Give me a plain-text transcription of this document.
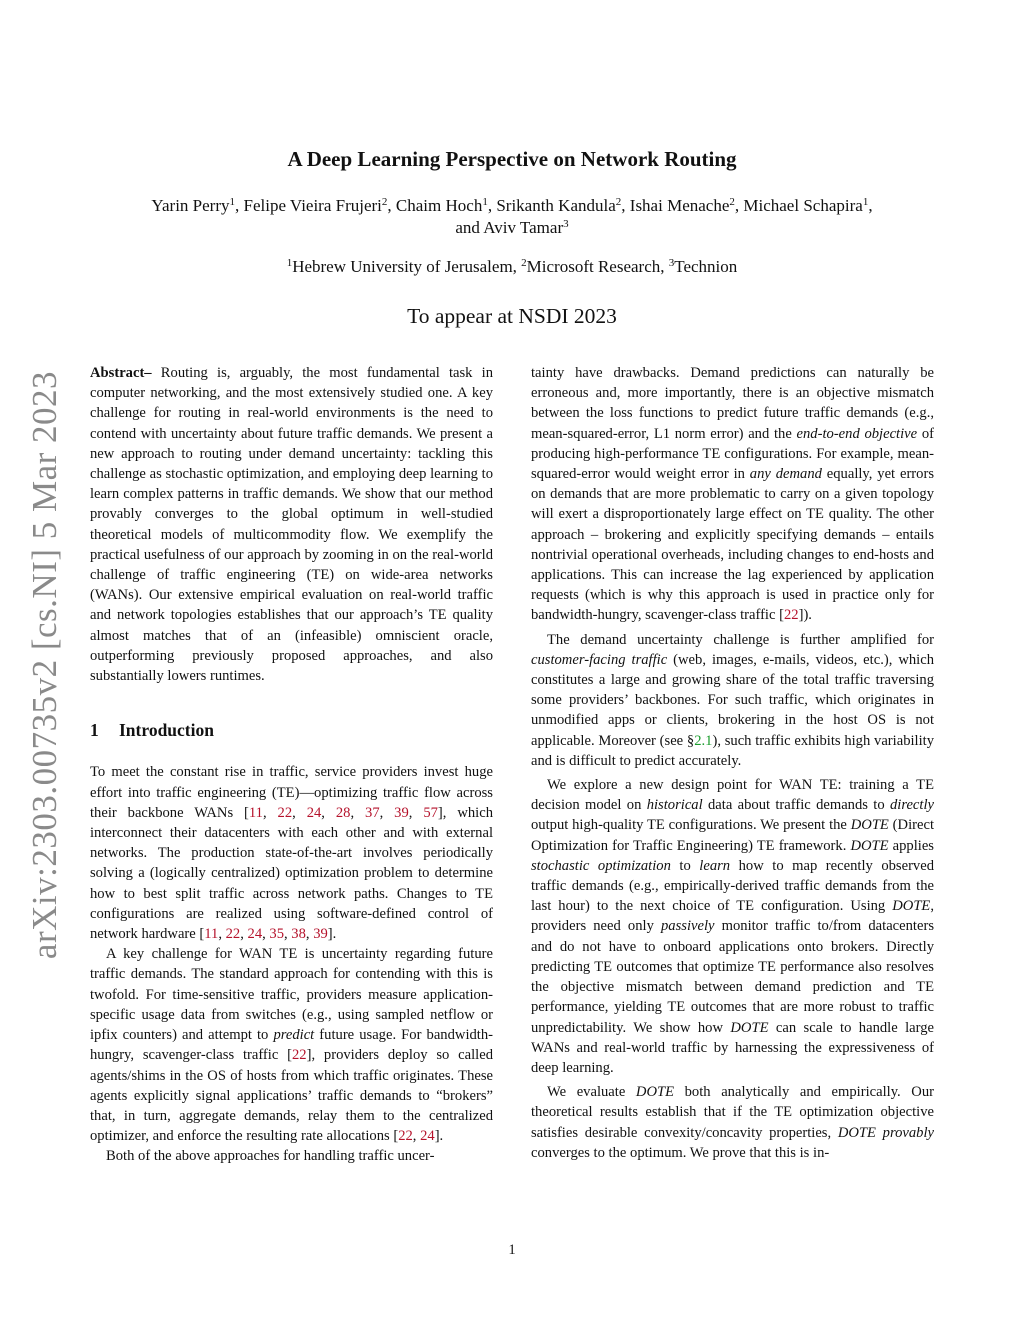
arXiv:2303.00735v2 [cs.NI] 5 Mar 2023
A Deep Learning Perspective on Network Routing
Yarin Perry$^1$, Felipe Vieira Frujeri$^2$, Chaim Hoch$^1$, Srikanth Kandula$^2$, Ishai Menache$^2$, Michael Schapira$^1$,
and Aviv Tamar$^3$
$^1$Hebrew University of Jerusalem, $^2$Microsoft Research, $^3$Technion
To appear at NSDI 2023

Abstract– Routing is, arguably, the most fundamental task in computer networking, and the most extensively studied one. A key challenge for routing in real-world environments is the need to contend with uncertainty about future traffic demands. We present a new approach to routing under demand uncertainty: tackling this challenge as stochastic optimization, and employing deep learning to learn complex patterns in traffic demands. We show that our method provably converges to the global optimum in well-studied theoretical models of multicommodity flow. We exemplify the practical usefulness of our approach by zooming in on the real-world challenge of traffic engineering (TE) on wide-area networks (WANs). Our extensive empirical evaluation on real-world traffic and network topologies establishes that our approach’s TE quality almost matches that of an (infeasible) omniscient oracle, outperforming previously proposed approaches, and also substantially lowers runtimes.

1 Introduction

To meet the constant rise in traffic, service providers invest huge effort into traffic engineering (TE)—optimizing traffic flow across their backbone WANs [11, 22, 24, 28, 37, 39, 57], which interconnect their datacenters with each other and with external networks. The production state-of-the-art involves periodically solving a (logically centralized) optimization problem to determine how to best split traffic across network paths. Changes to TE configurations are realized using software-defined control of network hardware [11, 22, 24, 35, 38, 39].

A key challenge for WAN TE is uncertainty regarding future traffic demands. The standard approach for contending with this is twofold. For time-sensitive traffic, providers measure application-specific usage data from switches (e.g., using sampled netflow or ipfix counters) and attempt to predict future usage. For bandwidth-hungry, scavenger-class traffic [22], providers deploy so called agents/shims in the OS of hosts from which traffic originates. These agents explicitly signal applications’ traffic demands to “brokers” that, in turn, aggregate demands, relay them to the centralized optimizer, and enforce the resulting rate allocations [22, 24].

Both of the above approaches for handling traffic uncer-

tainty have drawbacks. Demand predictions can naturally be erroneous and, more importantly, there is an objective mismatch between the loss functions to predict future traffic demands (e.g., mean-squared-error, L1 norm error) and the end-to-end objective of producing high-performance TE configurations. For example, mean-squared-error would weight error in any demand equally, yet errors on demands that are more problematic to carry on a given topology will exert a disproportionately large effect on TE quality. The other approach – brokering and explicitly specifying demands – entails nontrivial operational overheads, including changes to end-hosts and applications. This can increase the lag experienced by application requests (which is why this approach is used in practice only for bandwidth-hungry, scavenger-class traffic [22]).

The demand uncertainty challenge is further amplified for customer-facing traffic (web, images, e-mails, videos, etc.), which constitutes a large and growing share of the total traffic traversing some providers’ backbones. For such traffic, which originates in unmodified apps or clients, brokering in the host OS is not applicable. Moreover (see §2.1), such traffic exhibits high variability and is difficult to predict accurately.

We explore a new design point for WAN TE: training a TE decision model on historical data about traffic demands to directly output high-quality TE configurations. We present the DOTE (Direct Optimization for Traffic Engineering) TE framework. DOTE applies stochastic optimization to learn how to map recently observed traffic demands (e.g., empirically-derived traffic demands from the last hour) to the next choice of TE configuration. Using DOTE, providers need only passively monitor traffic to/from datacenters and do not have to onboard applications onto brokers. Directly predicting TE outcomes that optimize TE performance also resolves the objective mismatch between demand prediction and TE performance, yielding TE outcomes that are more robust to traffic unpredictability. We show how DOTE can scale to handle large WANs and real-world traffic by harnessing the expressiveness of deep learning.

We evaluate DOTE both analytically and empirically. Our theoretical results establish that if the TE optimization objective satisfies desirable convexity/concavity properties, DOTE provably converges to the optimum. We prove that this is in-

1
